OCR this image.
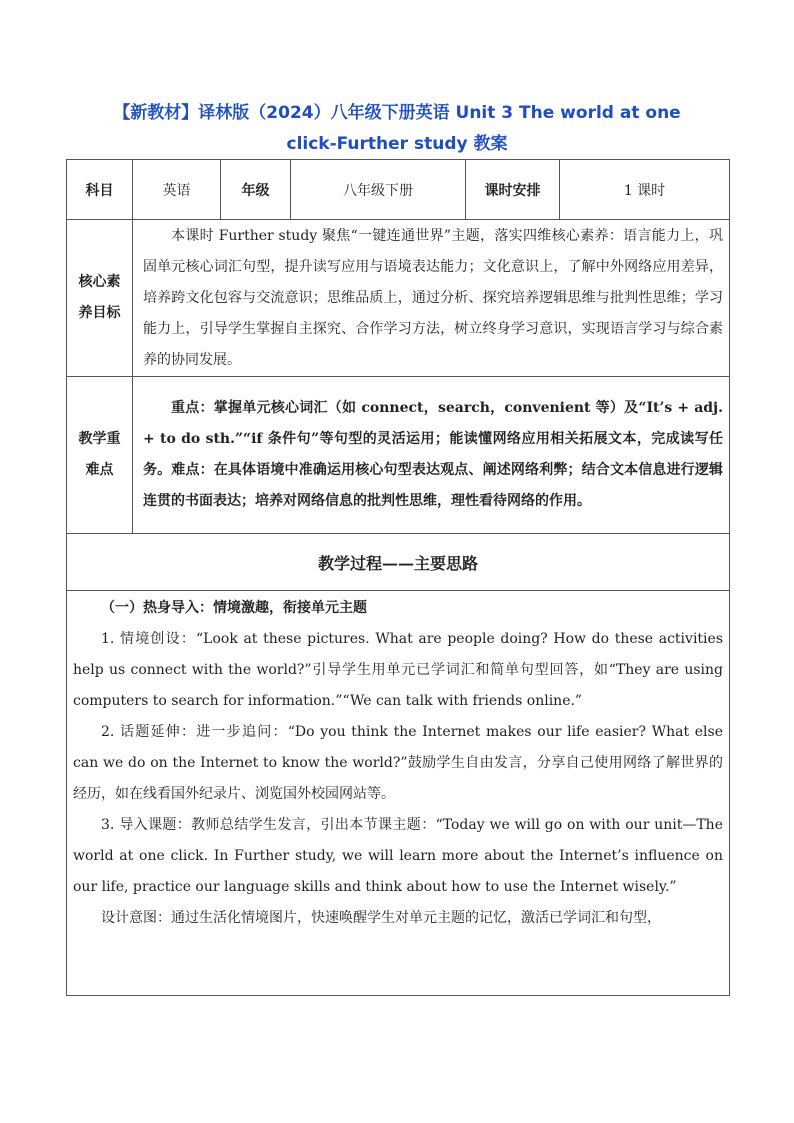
【新教材】译林版（2024）八年级下册英语 Unit 3 The world at one
click-Further study 教案
科目	英语	年级	八年级下册	课时安排	1 课时

核心素
养目标	本课时 Further study 聚焦“一键连通世界”主题，落实四维核心素养：语言能力上，巩固单元核心词汇句型，提升读写应用与语境表达能力；文化意识上，了解中外网络应用差异，培养跨文化包容与交流意识；思维品质上，通过分析、探究培养逻辑思维与批判性思维；学习能力上，引导学生掌握自主探究、合作学习方法，树立终身学习意识，实现语言学习与综合素养的协同发展。				

教学重
难点	重点：掌握单元核心词汇（如 connect，search，convenient 等）及“It’s + adj. + to do sth.”“if 条件句”等句型的灵活运用；能读懂网络应用相关拓展文本，完成读写任务。难点：在具体语境中准确运用核心句型表达观点、阐述网络利弊；结合文本信息进行逻辑连贯的书面表达；培养对网络信息的批判性思维，理性看待网络的作用。				

教学过程——主要思路					

（一）热身导入：情境激趣，衔接单元主题

1. 情境创设：“Look at these pictures. What are people doing? How do these activities help us connect with the world?”引导学生用单元已学词汇和简单句型回答，如“They are using computers to search for information.”“We can talk with friends online.”

2. 话题延伸：进一步追问：“Do you think the Internet makes our life easier? What else can we do on the Internet to know the world?”鼓励学生自由发言，分享自己使用网络了解世界的经历，如在线看国外纪录片、浏览国外校园网站等。

3. 导入课题：教师总结学生发言，引出本节课主题：“Today we will go on with our unit—The world at one click. In Further study, we will learn more about the Internet’s influence on our life, practice our language skills and think about how to use the Internet wisely.”

设计意图：通过生活化情境图片，快速唤醒学生对单元主题的记忆，激活已学词汇和句型，					
